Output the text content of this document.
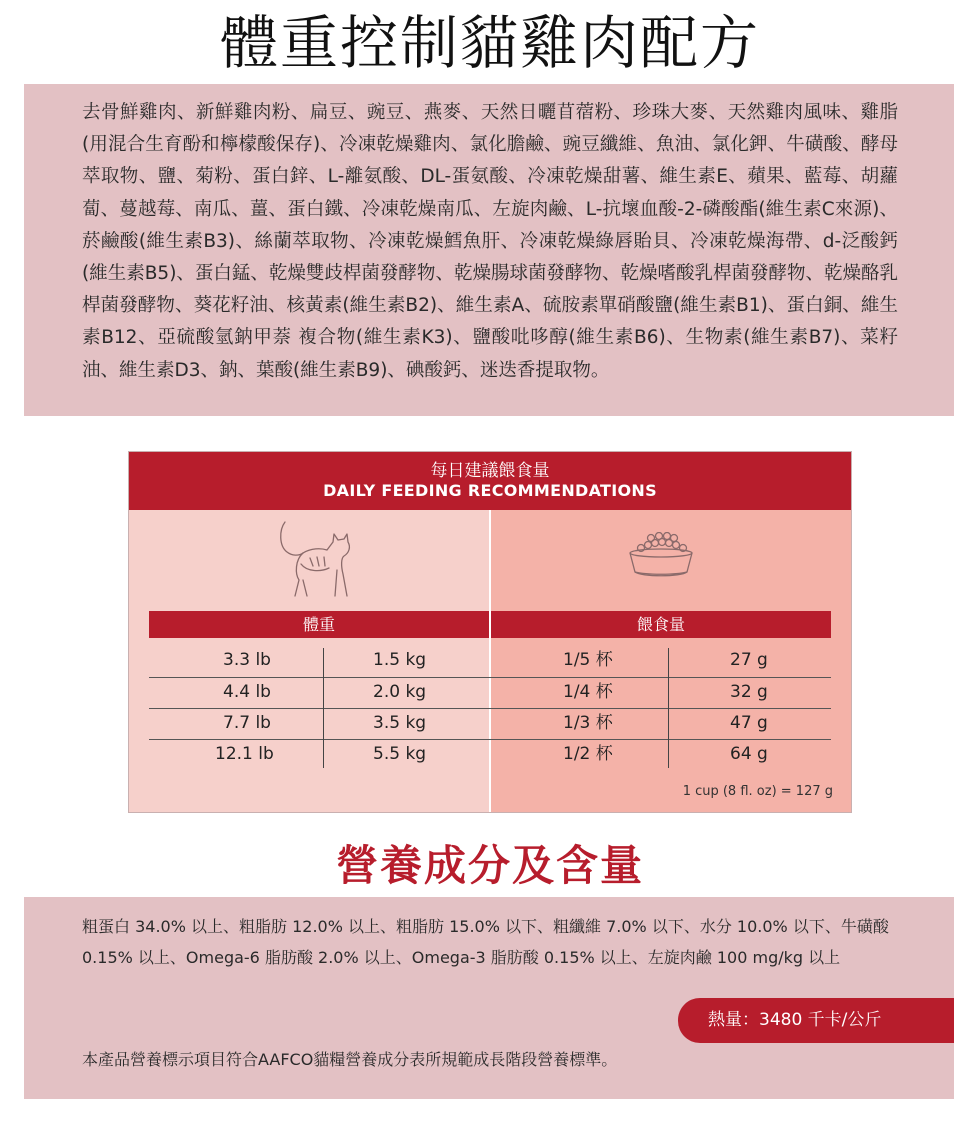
體重控制貓雞肉配方

去骨鮮雞肉、新鮮雞肉粉、扁豆、豌豆、燕麥、天然日曬苜蓿粉、珍珠大麥、天然雞肉風味、雞脂(用混合生育酚和檸檬酸保存)、冷凍乾燥雞肉、氯化膽鹼、豌豆纖維、魚油、氯化鉀、牛磺酸、酵母萃取物、鹽、菊粉、蛋白鋅、L-離氨酸、DL-蛋氨酸、冷凍乾燥甜薯、維生素E、蘋果、藍莓、胡蘿蔔、蔓越莓、南瓜、薑、蛋白鐵、冷凍乾燥南瓜、左旋肉鹼、L-抗壞血酸-2-磷酸酯(維生素C來源)、菸鹼酸(維生素B3)、絲蘭萃取物、冷凍乾燥鱈魚肝、冷凍乾燥綠唇貽貝、冷凍乾燥海帶、d-泛酸鈣(維生素B5)、蛋白錳、乾燥雙歧桿菌發酵物、乾燥腸球菌發酵物、乾燥嗜酸乳桿菌發酵物、乾燥酪乳桿菌發酵物、葵花籽油、核黃素(維生素B2)、維生素A、硫胺素單硝酸鹽(維生素B1)、蛋白銅、維生素B12、亞硫酸氫鈉甲萘 複合物(維生素K3)、鹽酸吡哆醇(維生素B6)、生物素(維生素B7)、菜籽油、維生素D3、鈉、葉酸(維生素B9)、碘酸鈣、迷迭香提取物。

每日建議餵食量
DAILY FEEDING RECOMMENDATIONS
體重	餵食量
3.3 lb	1.5 kg	1/5 杯	27 g
4.4 lb	2.0 kg	1/4 杯	32 g
7.7 lb	3.5 kg	1/3 杯	47 g
12.1 lb	5.5 kg	1/2 杯	64 g
1 cup (8 fl. oz) = 127 g
營養成分及含量

粗蛋白 34.0% 以上、粗脂肪 12.0% 以上、粗脂肪 15.0% 以下、粗纖維 7.0% 以下、水分 10.0% 以下、牛磺酸 0.15% 以上、Omega-6 脂肪酸 2.0% 以上、Omega-3 脂肪酸 0.15% 以上、左旋肉鹼 100 mg/kg 以上

熱量：3480 千卡/公斤

本產品營養標示項目符合AAFCO貓糧營養成分表所規範成長階段營養標準。
